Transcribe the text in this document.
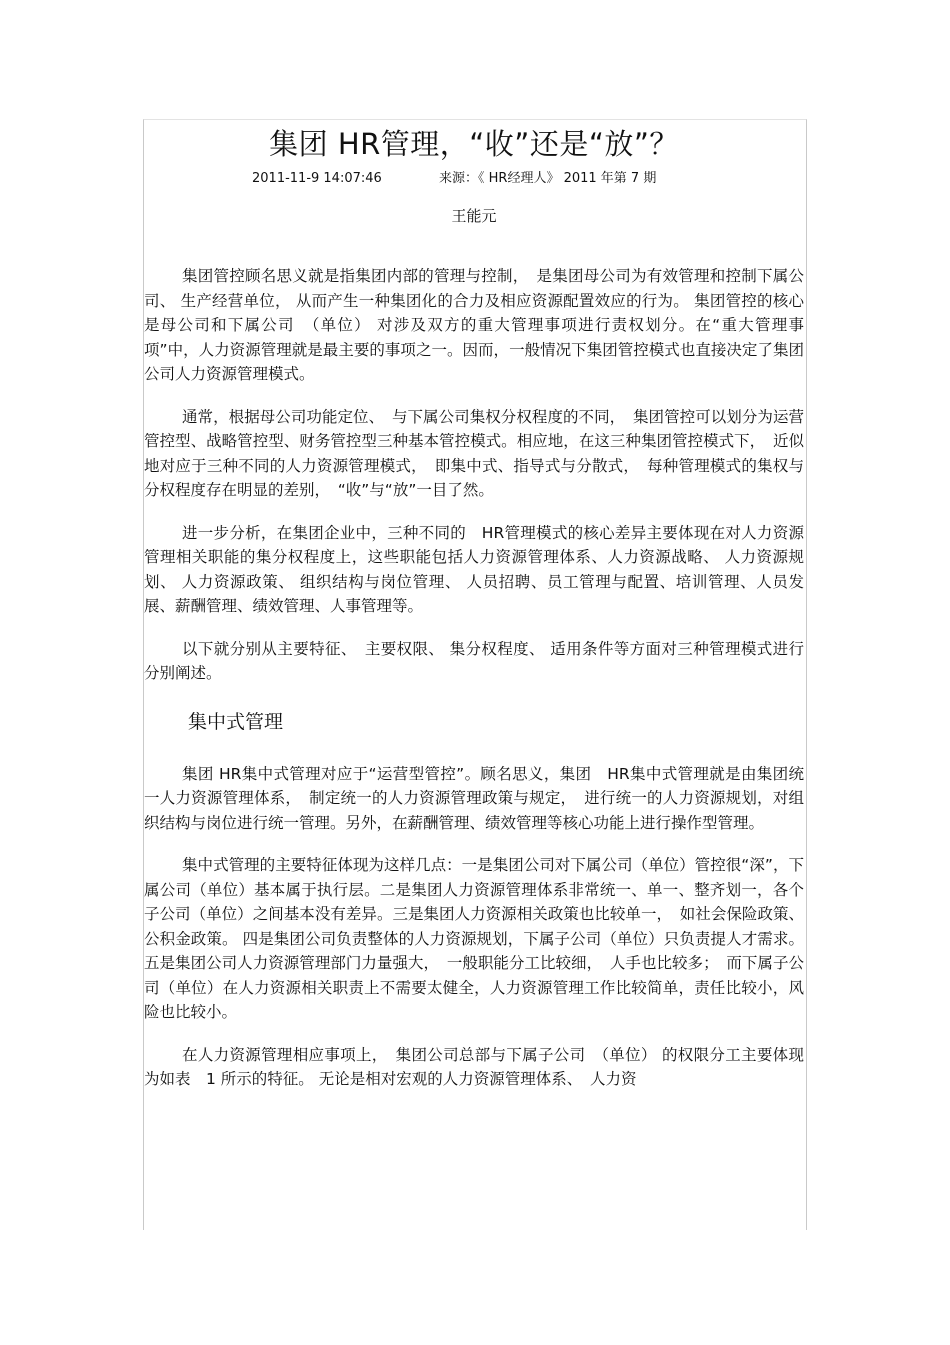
集团 HR管理，“收”还是“放”？
2011-11-9 14:07:46	来源：《 HR经理人》 2011 年第 7 期
王能元

集团管控顾名思义就是指集团内部的管理与控制，　是集团母公司为有效管理和控制下属公司、 生产经营单位， 从而产生一种集团化的合力及相应资源配置效应的行为。 集团管控的核心是母公司和下属公司　（单位） 对涉及双方的重大管理事项进行责权划分。在“重大管理事项”中，人力资源管理就是最主要的事项之一。因而，一般情况下集团管控模式也直接决定了集团公司人力资源管理模式。

通常，根据母公司功能定位、　与下属公司集权分权程度的不同，　集团管控可以划分为运营管控型、战略管控型、财务管控型三种基本管控模式。相应地，在这三种集团管控模式下，　近似地对应于三种不同的人力资源管理模式，　即集中式、指导式与分散式，　每种管理模式的集权与分权程度存在明显的差别，　“收”与“放”一目了然。

进一步分析，在集团企业中，三种不同的　HR管理模式的核心差异主要体现在对人力资源管理相关职能的集分权程度上，这些职能包括人力资源管理体系、人力资源战略、 人力资源规划、 人力资源政策、 组织结构与岗位管理、 人员招聘、员工管理与配置、培训管理、人员发展、薪酬管理、绩效管理、人事管理等。

以下就分别从主要特征、　主要权限、 集分权程度、 适用条件等方面对三种管理模式进行分别阐述。

集中式管理

集团 HR集中式管理对应于“运营型管控”。顾名思义，集团　HR集中式管理就是由集团统一人力资源管理体系，　制定统一的人力资源管理政策与规定，　进行统一的人力资源规划，对组织结构与岗位进行统一管理。另外，在薪酬管理、绩效管理等核心功能上进行操作型管理。

集中式管理的主要特征体现为这样几点：一是集团公司对下属公司（单位）管控很“深”，下属公司（单位）基本属于执行层。二是集团人力资源管理体系非常统一、单一、整齐划一，各个子公司（单位）之间基本没有差异。三是集团人力资源相关政策也比较单一，　如社会保险政策、 公积金政策。 四是集团公司负责整体的人力资源规划，下属子公司（单位）只负责提人才需求。五是集团公司人力资源管理部门力量强大，　一般职能分工比较细，　人手也比较多；　而下属子公司（单位）在人力资源相关职责上不需要太健全，人力资源管理工作比较简单，责任比较小，风险也比较小。

在人力资源管理相应事项上，　集团公司总部与下属子公司　（单位） 的权限分工主要体现为如表　1 所示的特征。 无论是相对宏观的人力资源管理体系、　人力资
